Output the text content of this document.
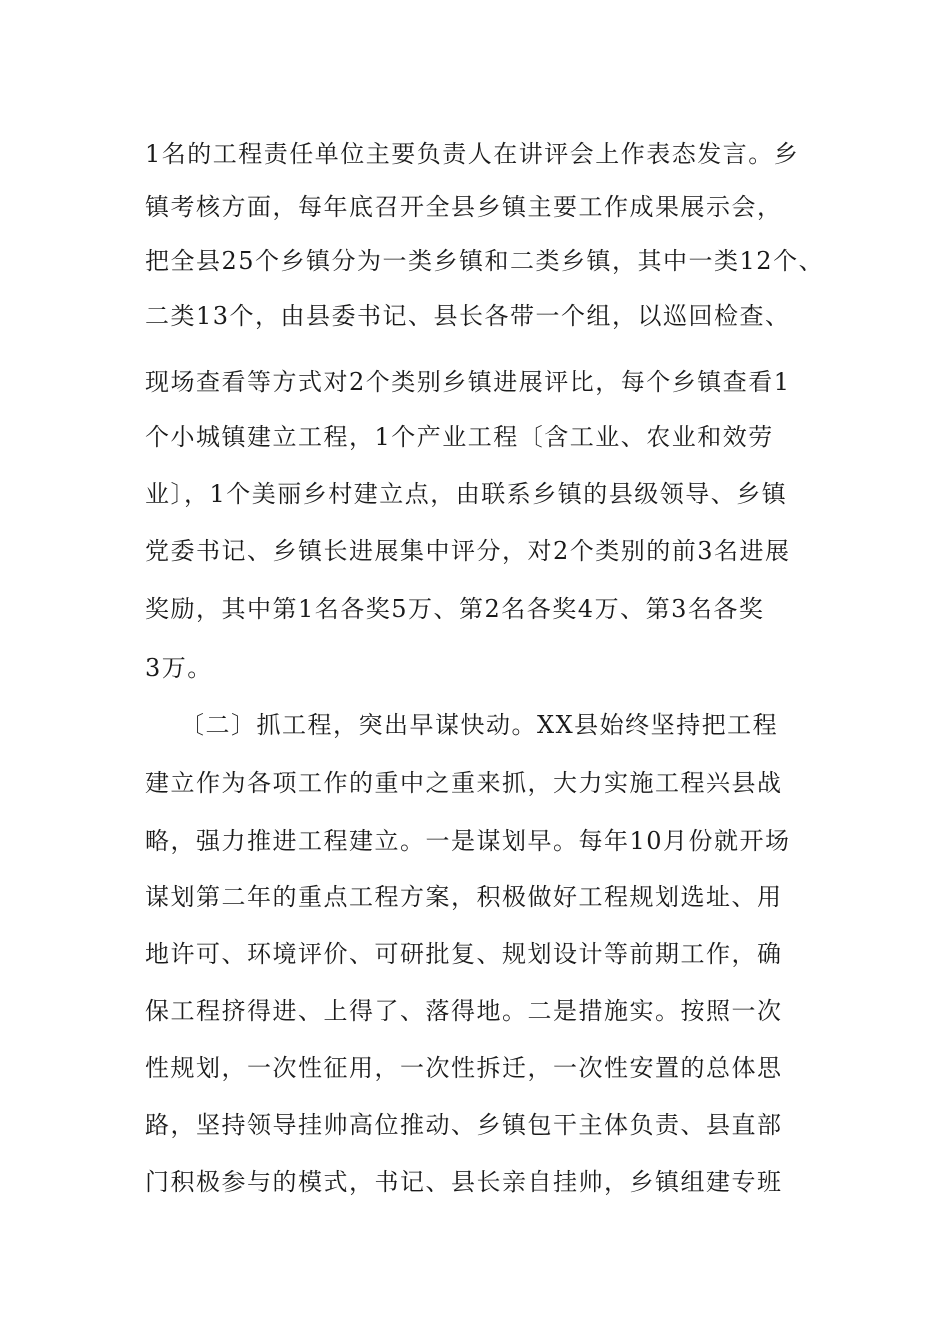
1名的工程责任单位主要负责人在讲评会上作表态发言。乡
镇考核方面，每年底召开全县乡镇主要工作成果展示会，
把全县25个乡镇分为一类乡镇和二类乡镇，其中一类12个、
二类13个，由县委书记、县长各带一个组，以巡回检查、
现场查看等方式对2个类别乡镇进展评比，每个乡镇查看1
个小城镇建立工程，1个产业工程〔含工业、农业和效劳
业〕，1个美丽乡村建立点，由联系乡镇的县级领导、乡镇
党委书记、乡镇长进展集中评分，对2个类别的前3名进展
奖励，其中第1名各奖5万、第2名各奖4万、第3名各奖
3万。
〔二〕抓工程，突出早谋快动。XX县始终坚持把工程
建立作为各项工作的重中之重来抓，大力实施工程兴县战
略，强力推进工程建立。一是谋划早。每年10月份就开场
谋划第二年的重点工程方案，积极做好工程规划选址、用
地许可、环境评价、可研批复、规划设计等前期工作，确
保工程挤得进、上得了、落得地。二是措施实。按照一次
性规划，一次性征用，一次性拆迁，一次性安置的总体思
路，坚持领导挂帅高位推动、乡镇包干主体负责、县直部
门积极参与的模式，书记、县长亲自挂帅，乡镇组建专班
